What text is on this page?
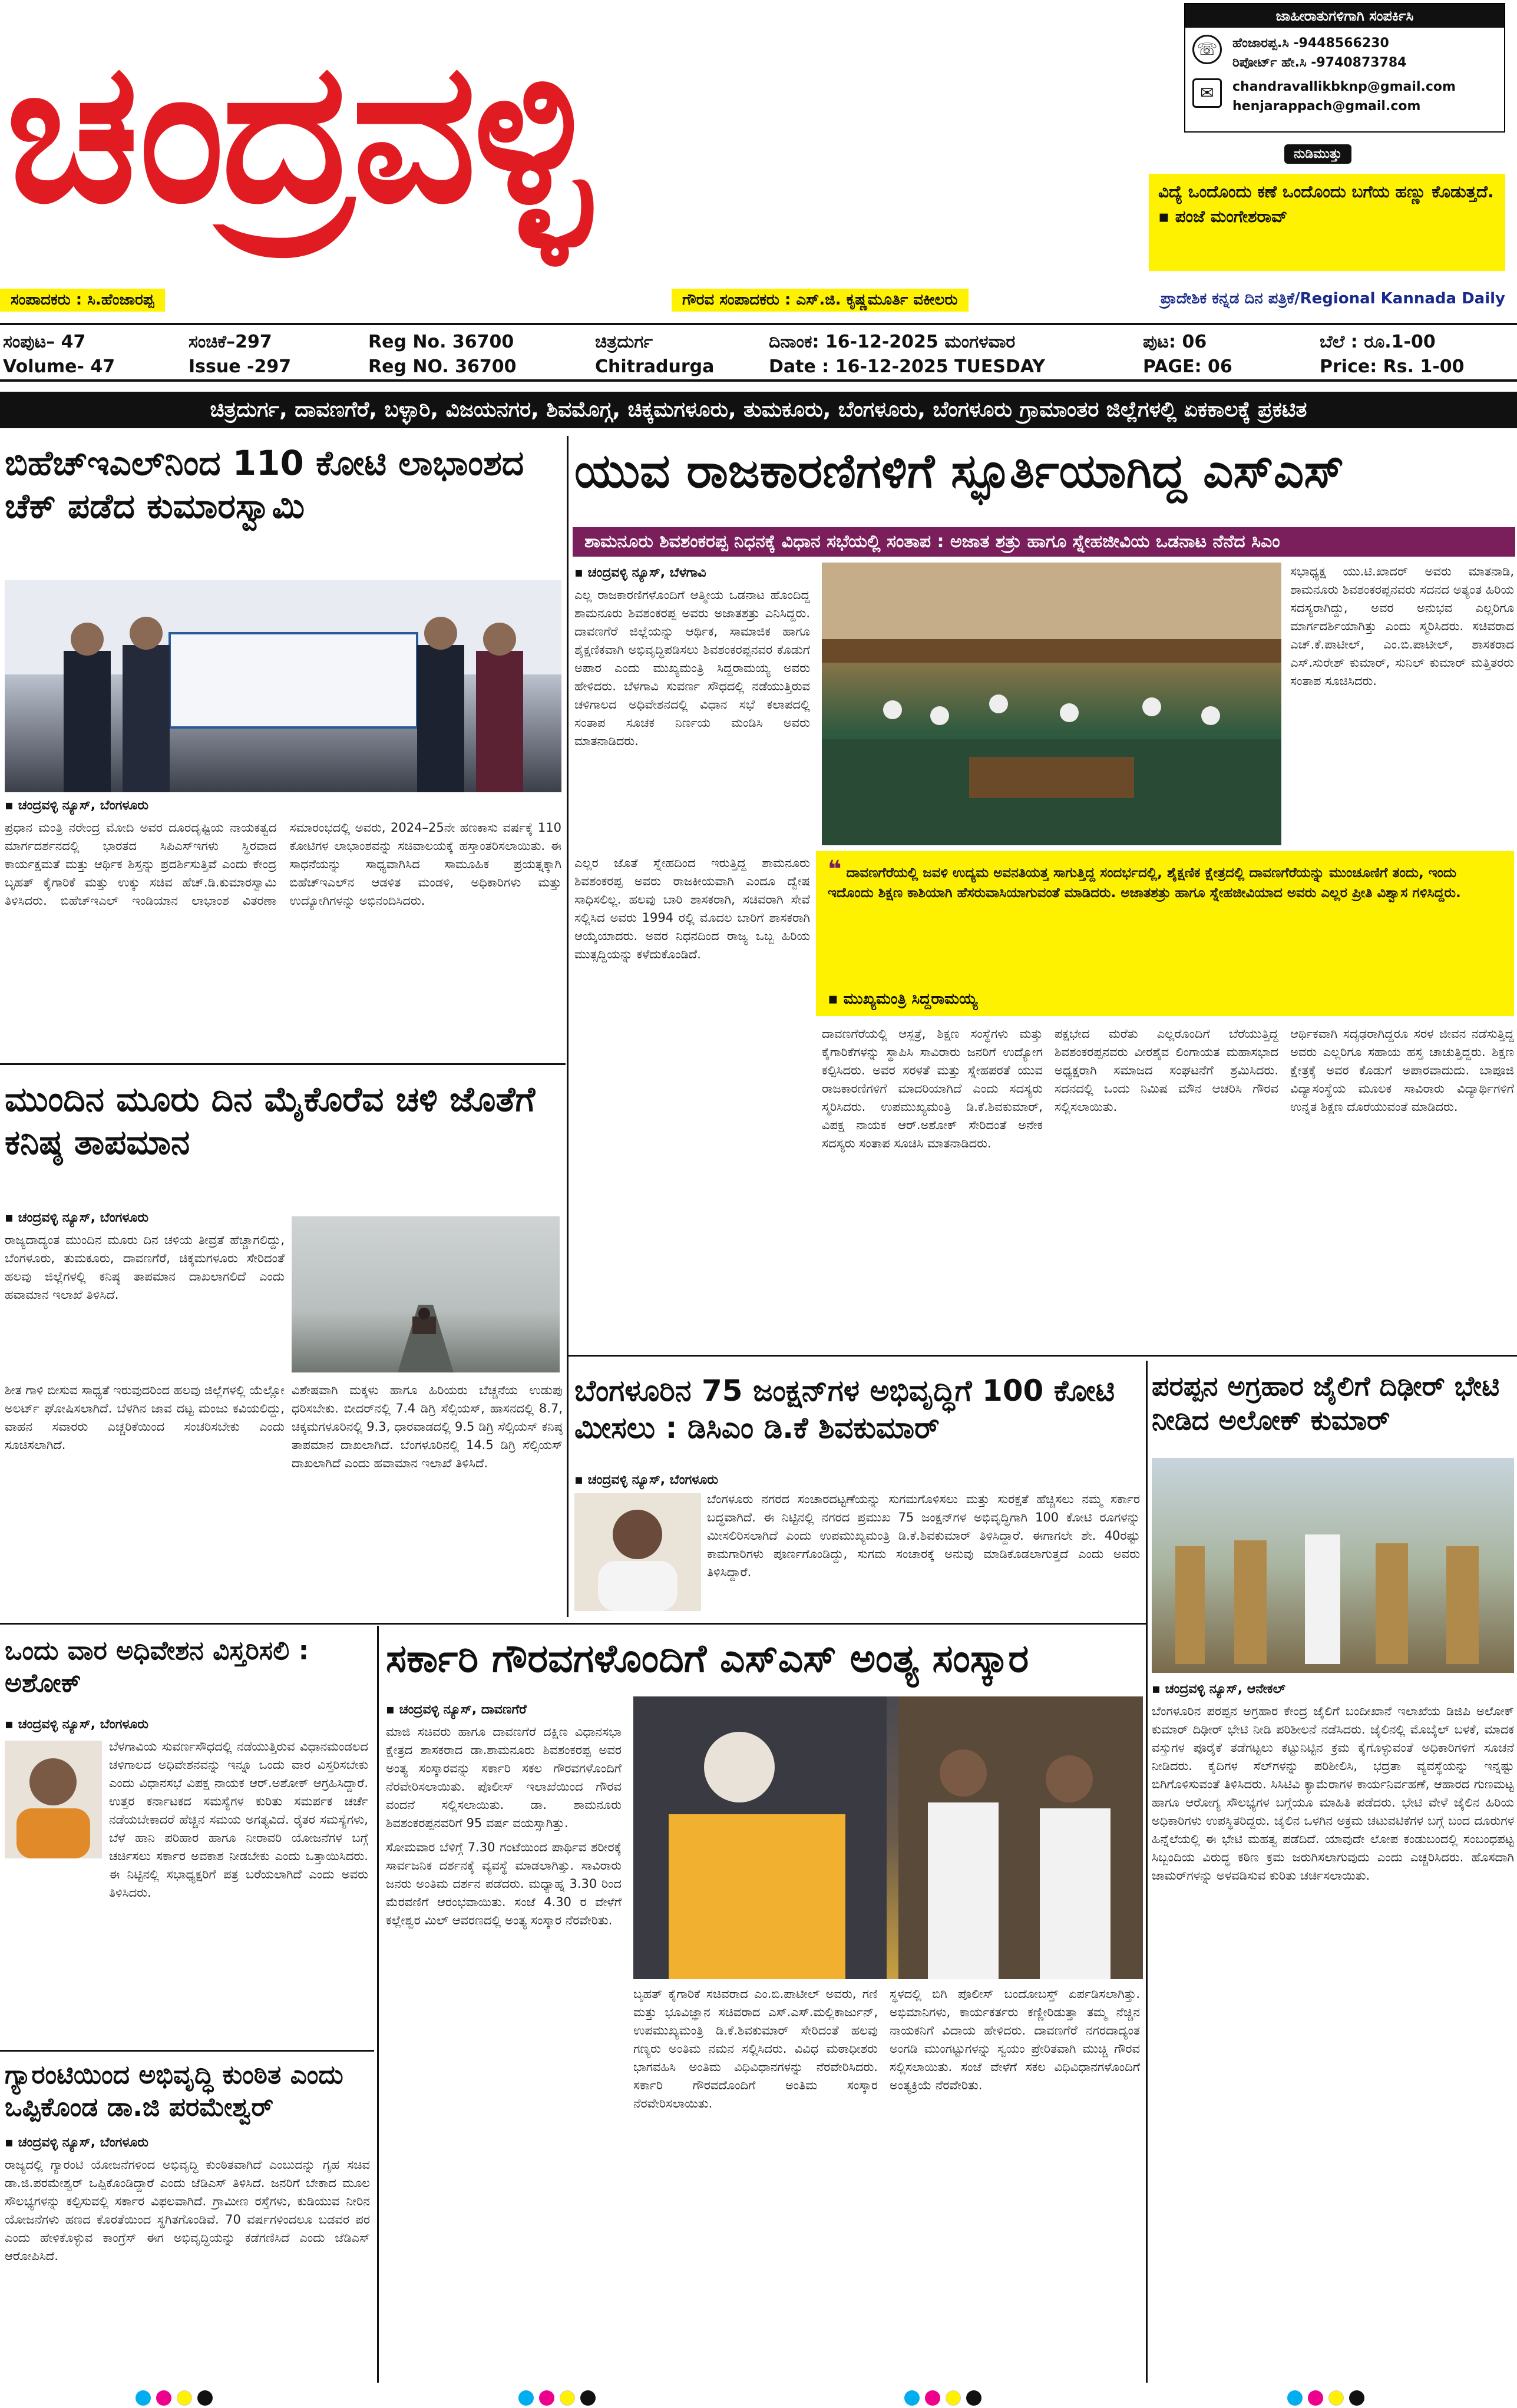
ಚಂದ್ರವಳ್ಳಿ
ಜಾಹೀರಾತುಗಳಿಗಾಗಿ ಸಂಪರ್ಕಿಸಿ
☏	ಹೆಂಜಾರಪ್ಪ.ಸಿ -9448566230
ರಿಪೋರ್ಟ್ ಹೇ.ಸಿ -9740873784
✉	chandravallikbknp@gmail.com
henjarappach@gmail.com
ನುಡಿಮುತ್ತು
ವಿದ್ಯೆ ಒಂದೊಂದು ಕಣೆ ಒಂದೊಂದು ಬಗೆಯ ಹಣ್ಣು ಕೊಡುತ್ತದೆ.
▪ ಪಂಜೆ ಮಂಗೇಶರಾವ್
ಸಂಪಾದಕರು : ಸಿ.ಹೆಂಜಾರಪ್ಪ	ಗೌರವ ಸಂಪಾದಕರು : ಎಸ್.ಜಿ. ಕೃಷ್ಣಮೂರ್ತಿ ವಕೀಲರು	ಪ್ರಾದೇಶಿಕ ಕನ್ನಡ ದಿನ ಪತ್ರಿಕೆ/Regional Kannada Daily
ಸಂಪುಟ– 47
Volume- 47
ಸಂಚಿಕೆ–297
Issue -297
Reg No. 36700
Reg NO. 36700
ಚಿತ್ರದುರ್ಗ
Chitradurga
ದಿನಾಂಕ: 16-12-2025 ಮಂಗಳವಾರ
Date : 16-12-2025 TUESDAY
ಪುಟ: 06
PAGE: 06
ಬೆಲೆ : ರೂ.1-00
Price: Rs. 1-00
ಚಿತ್ರದುರ್ಗ, ದಾವಣಗೆರೆ, ಬಳ್ಳಾರಿ, ವಿಜಯನಗರ, ಶಿವಮೊಗ್ಗ, ಚಿಕ್ಕಮಗಳೂರು, ತುಮಕೂರು, ಬೆಂಗಳೂರು, ಬೆಂಗಳೂರು ಗ್ರಾಮಾಂತರ ಜಿಲ್ಲೆಗಳಲ್ಲಿ ಏಕಕಾಲಕ್ಕೆ ಪ್ರಕಟಿತ
ಬಿಹೆಚ್‌ಇಎಲ್‌ನಿಂದ 110 ಕೋಟಿ ಲಾಭಾಂಶದ ಚೆಕ್ ಪಡೆದ ಕುಮಾರಸ್ವಾಮಿ
▪ ಚಂದ್ರವಳ್ಳಿ ನ್ಯೂಸ್, ಬೆಂಗಳೂರು
ಪ್ರಧಾನ ಮಂತ್ರಿ ನರೇಂದ್ರ ಮೋದಿ ಅವರ ದೂರದೃಷ್ಟಿಯ ನಾಯಕತ್ವದ ಮಾರ್ಗದರ್ಶನದಲ್ಲಿ ಭಾರತದ ಸಿಪಿಎಸ್‌ಇಗಳು ಸ್ಥಿರವಾದ ಕಾರ್ಯಕ್ಷಮತೆ ಮತ್ತು ಆರ್ಥಿಕ ಶಿಸ್ತನ್ನು ಪ್ರದರ್ಶಿಸುತ್ತಿವೆ ಎಂದು ಕೇಂದ್ರ ಬೃಹತ್ ಕೈಗಾರಿಕೆ ಮತ್ತು ಉಕ್ಕು ಸಚಿವ ಹೆಚ್.ಡಿ.ಕುಮಾರಸ್ವಾಮಿ ತಿಳಿಸಿದರು. ಬಿಹೆಚ್‌ಇಎಲ್ ಇಂಡಿಯಾನ ಲಾಭಾಂಶ ವಿತರಣಾ ಸಮಾರಂಭದಲ್ಲಿ ಅವರು, 2024–25ನೇ ಹಣಕಾಸು ವರ್ಷಕ್ಕೆ 110 ಕೋಟಿಗಳ ಲಾಭಾಂಶವನ್ನು ಸಚಿವಾಲಯಕ್ಕೆ ಹಸ್ತಾಂತರಿಸಲಾಯಿತು. ಈ ಸಾಧನೆಯನ್ನು ಸಾಧ್ಯವಾಗಿಸಿದ ಸಾಮೂಹಿಕ ಪ್ರಯತ್ನಕ್ಕಾಗಿ ಬಿಹೆಚ್‌ಇಎಲ್‌ನ ಆಡಳಿತ ಮಂಡಳಿ, ಅಧಿಕಾರಿಗಳು ಮತ್ತು ಉದ್ಯೋಗಿಗಳನ್ನು ಅಭಿನಂದಿಸಿದರು.
ಮುಂದಿನ ಮೂರು ದಿನ ಮೈಕೊರೆವ ಚಳಿ ಜೊತೆಗೆ ಕನಿಷ್ಠ ತಾಪಮಾನ
▪ ಚಂದ್ರವಳ್ಳಿ ನ್ಯೂಸ್, ಬೆಂಗಳೂರು
ರಾಜ್ಯದಾದ್ಯಂತ ಮುಂದಿನ ಮೂರು ದಿನ ಚಳಿಯ ತೀವ್ರತೆ ಹೆಚ್ಚಾಗಲಿದ್ದು, ಬೆಂಗಳೂರು, ತುಮಕೂರು, ದಾವಣಗೆರೆ, ಚಿಕ್ಕಮಗಳೂರು ಸೇರಿದಂತೆ ಹಲವು ಜಿಲ್ಲೆಗಳಲ್ಲಿ ಕನಿಷ್ಠ ತಾಪಮಾನ ದಾಖಲಾಗಲಿದೆ ಎಂದು ಹವಾಮಾನ ಇಲಾಖೆ ತಿಳಿಸಿದೆ.
ಶೀತ ಗಾಳಿ ಬೀಸುವ ಸಾಧ್ಯತೆ ಇರುವುದರಿಂದ ಹಲವು ಜಿಲ್ಲೆಗಳಲ್ಲಿ ಯೆಲ್ಲೋ ಅಲರ್ಟ್ ಘೋಷಿಸಲಾಗಿದೆ. ಬೆಳಗಿನ ಜಾವ ದಟ್ಟ ಮಂಜು ಕವಿಯಲಿದ್ದು, ವಾಹನ ಸವಾರರು ಎಚ್ಚರಿಕೆಯಿಂದ ಸಂಚರಿಸಬೇಕು ಎಂದು ಸೂಚಿಸಲಾಗಿದೆ.
ವಿಶೇಷವಾಗಿ ಮಕ್ಕಳು ಹಾಗೂ ಹಿರಿಯರು ಬೆಚ್ಚನೆಯ ಉಡುಪು ಧರಿಸಬೇಕು. ಬೀದರ್‌ನಲ್ಲಿ 7.4 ಡಿಗ್ರಿ ಸೆಲ್ಸಿಯಸ್, ಹಾಸನದಲ್ಲಿ 8.7, ಚಿಕ್ಕಮಗಳೂರಿನಲ್ಲಿ 9.3, ಧಾರವಾಡದಲ್ಲಿ 9.5 ಡಿಗ್ರಿ ಸೆಲ್ಸಿಯಸ್ ಕನಿಷ್ಠ ತಾಪಮಾನ ದಾಖಲಾಗಿದೆ. ಬೆಂಗಳೂರಿನಲ್ಲಿ 14.5 ಡಿಗ್ರಿ ಸೆಲ್ಸಿಯಸ್ ದಾಖಲಾಗಿದೆ ಎಂದು ಹವಾಮಾನ ಇಲಾಖೆ ತಿಳಿಸಿದೆ.
ಯುವ ರಾಜಕಾರಣಿಗಳಿಗೆ ಸ್ಫೂರ್ತಿಯಾಗಿದ್ದ ಎಸ್‌ಎಸ್
ಶಾಮನೂರು ಶಿವಶಂಕರಪ್ಪ ನಿಧನಕ್ಕೆ ವಿಧಾನ ಸಭೆಯಲ್ಲಿ ಸಂತಾಪ : ಅಜಾತ ಶತ್ರು ಹಾಗೂ ಸ್ನೇಹಜೀವಿಯ ಒಡನಾಟ ನೆನೆದ ಸಿಎಂ
▪ ಚಂದ್ರವಳ್ಳಿ ನ್ಯೂಸ್, ಬೆಳಗಾವಿ
ಎಲ್ಲ ರಾಜಕಾರಣಿಗಳೊಂದಿಗೆ ಆತ್ಮೀಯ ಒಡನಾಟ ಹೊಂದಿದ್ದ ಶಾಮನೂರು ಶಿವಶಂಕರಪ್ಪ ಅವರು ಅಜಾತಶತ್ರು ಎನಿಸಿದ್ದರು. ದಾವಣಗೆರೆ ಜಿಲ್ಲೆಯನ್ನು ಆರ್ಥಿಕ, ಸಾಮಾಜಿಕ ಹಾಗೂ ಶೈಕ್ಷಣಿಕವಾಗಿ ಅಭಿವೃದ್ಧಿಪಡಿಸಲು ಶಿವಶಂಕರಪ್ಪನವರ ಕೊಡುಗೆ ಅಪಾರ ಎಂದು ಮುಖ್ಯಮಂತ್ರಿ ಸಿದ್ದರಾಮಯ್ಯ ಅವರು ಹೇಳಿದರು. ಬೆಳಗಾವಿ ಸುವರ್ಣ ಸೌಧದಲ್ಲಿ ನಡೆಯುತ್ತಿರುವ ಚಳಿಗಾಲದ ಅಧಿವೇಶನದಲ್ಲಿ ವಿಧಾನ ಸಭೆ ಕಲಾಪದಲ್ಲಿ ಸಂತಾಪ ಸೂಚಕ ನಿರ್ಣಯ ಮಂಡಿಸಿ ಅವರು ಮಾತನಾಡಿದರು.
ಸಭಾಧ್ಯಕ್ಷ ಯು.ಟಿ.ಖಾದರ್ ಅವರು ಮಾತನಾಡಿ, ಶಾಮನೂರು ಶಿವಶಂಕರಪ್ಪನವರು ಸದನದ ಅತ್ಯಂತ ಹಿರಿಯ ಸದಸ್ಯರಾಗಿದ್ದು, ಅವರ ಅನುಭವ ಎಲ್ಲರಿಗೂ ಮಾರ್ಗದರ್ಶಿಯಾಗಿತ್ತು ಎಂದು ಸ್ಮರಿಸಿದರು. ಸಚಿವರಾದ ಎಚ್.ಕೆ.ಪಾಟೀಲ್, ಎಂ.ಬಿ.ಪಾಟೀಲ್, ಶಾಸಕರಾದ ಎಸ್.ಸುರೇಶ್ ಕುಮಾರ್, ಸುನಿಲ್ ಕುಮಾರ್ ಮತ್ತಿತರರು ಸಂತಾಪ ಸೂಚಿಸಿದರು.
❝ ದಾವಣಗೆರೆಯಲ್ಲಿ ಜವಳಿ ಉದ್ಯಮ ಅವನತಿಯತ್ತ ಸಾಗುತ್ತಿದ್ದ ಸಂದರ್ಭದಲ್ಲಿ, ಶೈಕ್ಷಣಿಕ ಕ್ಷೇತ್ರದಲ್ಲಿ ದಾವಣಗೆರೆಯನ್ನು ಮುಂಚೂಣಿಗೆ ತಂದು, ಇಂದು ಇದೊಂದು ಶಿಕ್ಷಣ ಕಾಶಿಯಾಗಿ ಹೆಸರುವಾಸಿಯಾಗುವಂತೆ ಮಾಡಿದರು. ಅಜಾತಶತ್ರು ಹಾಗೂ ಸ್ನೇಹಜೀವಿಯಾದ ಅವರು ಎಲ್ಲರ ಪ್ರೀತಿ ವಿಶ್ವಾಸ ಗಳಿಸಿದ್ದರು.
▪ ಮುಖ್ಯಮಂತ್ರಿ ಸಿದ್ದರಾಮಯ್ಯ
ಎಲ್ಲರ ಜೊತೆ ಸ್ನೇಹದಿಂದ ಇರುತ್ತಿದ್ದ ಶಾಮನೂರು ಶಿವಶಂಕರಪ್ಪ ಅವರು ರಾಜಕೀಯವಾಗಿ ಎಂದೂ ದ್ವೇಷ ಸಾಧಿಸಲಿಲ್ಲ. ಹಲವು ಬಾರಿ ಶಾಸಕರಾಗಿ, ಸಚಿವರಾಗಿ ಸೇವೆ ಸಲ್ಲಿಸಿದ ಅವರು 1994 ರಲ್ಲಿ ಮೊದಲ ಬಾರಿಗೆ ಶಾಸಕರಾಗಿ ಆಯ್ಕೆಯಾದರು. ಅವರ ನಿಧನದಿಂದ ರಾಜ್ಯ ಒಬ್ಬ ಹಿರಿಯ ಮುತ್ಸದ್ದಿಯನ್ನು ಕಳೆದುಕೊಂಡಿದೆ.
ದಾವಣಗೆರೆಯಲ್ಲಿ ಆಸ್ಪತ್ರೆ, ಶಿಕ್ಷಣ ಸಂಸ್ಥೆಗಳು ಮತ್ತು ಕೈಗಾರಿಕೆಗಳನ್ನು ಸ್ಥಾಪಿಸಿ ಸಾವಿರಾರು ಜನರಿಗೆ ಉದ್ಯೋಗ ಕಲ್ಪಿಸಿದರು. ಅವರ ಸರಳತೆ ಮತ್ತು ಸ್ನೇಹಪರತೆ ಯುವ ರಾಜಕಾರಣಿಗಳಿಗೆ ಮಾದರಿಯಾಗಿದೆ ಎಂದು ಸದಸ್ಯರು ಸ್ಮರಿಸಿದರು. ಉಪಮುಖ್ಯಮಂತ್ರಿ ಡಿ.ಕೆ.ಶಿವಕುಮಾರ್, ವಿಪಕ್ಷ ನಾಯಕ ಆರ್.ಅಶೋಕ್ ಸೇರಿದಂತೆ ಅನೇಕ ಸದಸ್ಯರು ಸಂತಾಪ ಸೂಚಿಸಿ ಮಾತನಾಡಿದರು.
ಪಕ್ಷಭೇದ ಮರೆತು ಎಲ್ಲರೊಂದಿಗೆ ಬೆರೆಯುತ್ತಿದ್ದ ಶಿವಶಂಕರಪ್ಪನವರು ವೀರಶೈವ ಲಿಂಗಾಯತ ಮಹಾಸಭಾದ ಅಧ್ಯಕ್ಷರಾಗಿ ಸಮಾಜದ ಸಂಘಟನೆಗೆ ಶ್ರಮಿಸಿದರು. ಸದನದಲ್ಲಿ ಒಂದು ನಿಮಿಷ ಮೌನ ಆಚರಿಸಿ ಗೌರವ ಸಲ್ಲಿಸಲಾಯಿತು.
ಆರ್ಥಿಕವಾಗಿ ಸದೃಢರಾಗಿದ್ದರೂ ಸರಳ ಜೀವನ ನಡೆಸುತ್ತಿದ್ದ ಅವರು ಎಲ್ಲರಿಗೂ ಸಹಾಯ ಹಸ್ತ ಚಾಚುತ್ತಿದ್ದರು. ಶಿಕ್ಷಣ ಕ್ಷೇತ್ರಕ್ಕೆ ಅವರ ಕೊಡುಗೆ ಅಪಾರವಾದುದು. ಬಾಪೂಜಿ ವಿದ್ಯಾಸಂಸ್ಥೆಯ ಮೂಲಕ ಸಾವಿರಾರು ವಿದ್ಯಾರ್ಥಿಗಳಿಗೆ ಉನ್ನತ ಶಿಕ್ಷಣ ದೊರೆಯುವಂತೆ ಮಾಡಿದರು.
ಬೆಂಗಳೂರಿನ 75 ಜಂಕ್ಷನ್‌ಗಳ ಅಭಿವೃದ್ಧಿಗೆ 100 ಕೋಟಿ ಮೀಸಲು : ಡಿಸಿಎಂ ಡಿ.ಕೆ ಶಿವಕುಮಾರ್
▪ ಚಂದ್ರವಳ್ಳಿ ನ್ಯೂಸ್, ಬೆಂಗಳೂರು
ಬೆಂಗಳೂರು ನಗರದ ಸಂಚಾರದಟ್ಟಣೆಯನ್ನು ಸುಗಮಗೊಳಿಸಲು ಮತ್ತು ಸುರಕ್ಷತೆ ಹೆಚ್ಚಿಸಲು ನಮ್ಮ ಸರ್ಕಾರ ಬದ್ಧವಾಗಿದೆ. ಈ ನಿಟ್ಟಿನಲ್ಲಿ ನಗರದ ಪ್ರಮುಖ 75 ಜಂಕ್ಷನ್‌ಗಳ ಅಭಿವೃದ್ಧಿಗಾಗಿ 100 ಕೋಟಿ ರೂಗಳನ್ನು ಮೀಸಲಿರಿಸಲಾಗಿದೆ ಎಂದು ಉಪಮುಖ್ಯಮಂತ್ರಿ ಡಿ.ಕೆ.ಶಿವಕುಮಾರ್ ತಿಳಿಸಿದ್ದಾರೆ. ಈಗಾಗಲೇ ಶೇ. 40ರಷ್ಟು ಕಾಮಗಾರಿಗಳು ಪೂರ್ಣಗೊಂಡಿದ್ದು, ಸುಗಮ ಸಂಚಾರಕ್ಕೆ ಅನುವು ಮಾಡಿಕೊಡಲಾಗುತ್ತದೆ ಎಂದು ಅವರು ತಿಳಿಸಿದ್ದಾರೆ.
ಪರಪ್ಪನ ಅಗ್ರಹಾರ ಜೈಲಿಗೆ ದಿಢೀರ್ ಭೇಟಿ ನೀಡಿದ ಅಲೋಕ್ ಕುಮಾರ್
▪ ಚಂದ್ರವಳ್ಳಿ ನ್ಯೂಸ್, ಆನೇಕಲ್
ಬೆಂಗಳೂರಿನ ಪರಪ್ಪನ ಅಗ್ರಹಾರ ಕೇಂದ್ರ ಜೈಲಿಗೆ ಬಂದೀಖಾನೆ ಇಲಾಖೆಯ ಡಿಜಿಪಿ ಅಲೋಕ್ ಕುಮಾರ್ ದಿಢೀರ್ ಭೇಟಿ ನೀಡಿ ಪರಿಶೀಲನೆ ನಡೆಸಿದರು. ಜೈಲಿನಲ್ಲಿ ಮೊಬೈಲ್ ಬಳಕೆ, ಮಾದಕ ವಸ್ತುಗಳ ಪೂರೈಕೆ ತಡೆಗಟ್ಟಲು ಕಟ್ಟುನಿಟ್ಟಿನ ಕ್ರಮ ಕೈಗೊಳ್ಳುವಂತೆ ಅಧಿಕಾರಿಗಳಿಗೆ ಸೂಚನೆ ನೀಡಿದರು. ಕೈದಿಗಳ ಸೆಲ್‌ಗಳನ್ನು ಪರಿಶೀಲಿಸಿ, ಭದ್ರತಾ ವ್ಯವಸ್ಥೆಯನ್ನು ಇನ್ನಷ್ಟು ಬಿಗಿಗೊಳಿಸುವಂತೆ ತಿಳಿಸಿದರು. ಸಿಸಿಟಿವಿ ಕ್ಯಾಮೆರಾಗಳ ಕಾರ್ಯನಿರ್ವಹಣೆ, ಆಹಾರದ ಗುಣಮಟ್ಟ ಹಾಗೂ ಆರೋಗ್ಯ ಸೌಲಭ್ಯಗಳ ಬಗ್ಗೆಯೂ ಮಾಹಿತಿ ಪಡೆದರು. ಭೇಟಿ ವೇಳೆ ಜೈಲಿನ ಹಿರಿಯ ಅಧಿಕಾರಿಗಳು ಉಪಸ್ಥಿತರಿದ್ದರು. ಜೈಲಿನ ಒಳಗಿನ ಅಕ್ರಮ ಚಟುವಟಿಕೆಗಳ ಬಗ್ಗೆ ಬಂದ ದೂರುಗಳ ಹಿನ್ನೆಲೆಯಲ್ಲಿ ಈ ಭೇಟಿ ಮಹತ್ವ ಪಡೆದಿದೆ. ಯಾವುದೇ ಲೋಪ ಕಂಡುಬಂದಲ್ಲಿ ಸಂಬಂಧಪಟ್ಟ ಸಿಬ್ಬಂದಿಯ ವಿರುದ್ಧ ಕಠಿಣ ಕ್ರಮ ಜರುಗಿಸಲಾಗುವುದು ಎಂದು ಎಚ್ಚರಿಸಿದರು. ಹೊಸದಾಗಿ ಜಾಮರ್‌ಗಳನ್ನು ಅಳವಡಿಸುವ ಕುರಿತು ಚರ್ಚಿಸಲಾಯಿತು.
ಒಂದು ವಾರ ಅಧಿವೇಶನ ವಿಸ್ತರಿಸಲಿ : ಅಶೋಕ್
▪ ಚಂದ್ರವಳ್ಳಿ ನ್ಯೂಸ್, ಬೆಂಗಳೂರು
ಬೆಳಗಾವಿಯ ಸುವರ್ಣಸೌಧದಲ್ಲಿ ನಡೆಯುತ್ತಿರುವ ವಿಧಾನಮಂಡಲದ ಚಳಿಗಾಲದ ಅಧಿವೇಶನವನ್ನು ಇನ್ನೂ ಒಂದು ವಾರ ವಿಸ್ತರಿಸಬೇಕು ಎಂದು ವಿಧಾನಸಭೆ ವಿಪಕ್ಷ ನಾಯಕ ಆರ್.ಅಶೋಕ್ ಆಗ್ರಹಿಸಿದ್ದಾರೆ. ಉತ್ತರ ಕರ್ನಾಟಕದ ಸಮಸ್ಯೆಗಳ ಕುರಿತು ಸಮರ್ಪಕ ಚರ್ಚೆ ನಡೆಯಬೇಕಾದರೆ ಹೆಚ್ಚಿನ ಸಮಯ ಅಗತ್ಯವಿದೆ. ರೈತರ ಸಮಸ್ಯೆಗಳು, ಬೆಳೆ ಹಾನಿ ಪರಿಹಾರ ಹಾಗೂ ನೀರಾವರಿ ಯೋಜನೆಗಳ ಬಗ್ಗೆ ಚರ್ಚಿಸಲು ಸರ್ಕಾರ ಅವಕಾಶ ನೀಡಬೇಕು ಎಂದು ಒತ್ತಾಯಿಸಿದರು. ಈ ನಿಟ್ಟಿನಲ್ಲಿ ಸಭಾಧ್ಯಕ್ಷರಿಗೆ ಪತ್ರ ಬರೆಯಲಾಗಿದೆ ಎಂದು ಅವರು ತಿಳಿಸಿದರು.
ಗ್ಯಾರಂಟಿಯಿಂದ ಅಭಿವೃದ್ಧಿ ಕುಂಠಿತ ಎಂದು ಒಪ್ಪಿಕೊಂಡ ಡಾ.ಜಿ ಪರಮೇಶ್ವರ್
▪ ಚಂದ್ರವಳ್ಳಿ ನ್ಯೂಸ್, ಬೆಂಗಳೂರು
ರಾಜ್ಯದಲ್ಲಿ ಗ್ಯಾರಂಟಿ ಯೋಜನೆಗಳಿಂದ ಅಭಿವೃದ್ಧಿ ಕುಂಠಿತವಾಗಿದೆ ಎಂಬುದನ್ನು ಗೃಹ ಸಚಿವ ಡಾ.ಜಿ.ಪರಮೇಶ್ವರ್ ಒಪ್ಪಿಕೊಂಡಿದ್ದಾರೆ ಎಂದು ಜೆಡಿಎಸ್ ತಿಳಿಸಿದೆ. ಜನರಿಗೆ ಬೇಕಾದ ಮೂಲ ಸೌಲಭ್ಯಗಳನ್ನು ಕಲ್ಪಿಸುವಲ್ಲಿ ಸರ್ಕಾರ ವಿಫಲವಾಗಿದೆ. ಗ್ರಾಮೀಣ ರಸ್ತೆಗಳು, ಕುಡಿಯುವ ನೀರಿನ ಯೋಜನೆಗಳು ಹಣದ ಕೊರತೆಯಿಂದ ಸ್ಥಗಿತಗೊಂಡಿವೆ. 70 ವರ್ಷಗಳಿಂದಲೂ ಬಡವರ ಪರ ಎಂದು ಹೇಳಿಕೊಳ್ಳುವ ಕಾಂಗ್ರೆಸ್ ಈಗ ಅಭಿವೃದ್ಧಿಯನ್ನು ಕಡೆಗಣಿಸಿದೆ ಎಂದು ಜೆಡಿಎಸ್ ಆರೋಪಿಸಿದೆ.
ಸರ್ಕಾರಿ ಗೌರವಗಳೊಂದಿಗೆ ಎಸ್‌ಎಸ್ ಅಂತ್ಯ ಸಂಸ್ಕಾರ
▪ ಚಂದ್ರವಳ್ಳಿ ನ್ಯೂಸ್, ದಾವಣಗೆರೆ
ಮಾಜಿ ಸಚಿವರು ಹಾಗೂ ದಾವಣಗೆರೆ ದಕ್ಷಿಣ ವಿಧಾನಸಭಾ ಕ್ಷೇತ್ರದ ಶಾಸಕರಾದ ಡಾ.ಶಾಮನೂರು ಶಿವಶಂಕರಪ್ಪ ಅವರ ಅಂತ್ಯ ಸಂಸ್ಕಾರವನ್ನು ಸರ್ಕಾರಿ ಸಕಲ ಗೌರವಗಳೊಂದಿಗೆ ನೆರವೇರಿಸಲಾಯಿತು. ಪೊಲೀಸ್ ಇಲಾಖೆಯಿಂದ ಗೌರವ ವಂದನೆ ಸಲ್ಲಿಸಲಾಯಿತು. ಡಾ. ಶಾಮನೂರು ಶಿವಶಂಕರಪ್ಪನವರಿಗೆ 95 ವರ್ಷ ವಯಸ್ಸಾಗಿತ್ತು.

ಸೋಮವಾರ ಬೆಳಿಗ್ಗೆ 7.30 ಗಂಟೆಯಿಂದ ಪಾರ್ಥಿವ ಶರೀರಕ್ಕೆ ಸಾರ್ವಜನಿಕ ದರ್ಶನಕ್ಕೆ ವ್ಯವಸ್ಥೆ ಮಾಡಲಾಗಿತ್ತು. ಸಾವಿರಾರು ಜನರು ಅಂತಿಮ ದರ್ಶನ ಪಡೆದರು. ಮಧ್ಯಾಹ್ನ 3.30 ರಿಂದ ಮೆರವಣಿಗೆ ಆರಂಭವಾಯಿತು. ಸಂಜೆ 4.30 ರ ವೇಳೆಗೆ ಕಲ್ಲೇಶ್ವರ ಮಿಲ್ ಆವರಣದಲ್ಲಿ ಅಂತ್ಯ ಸಂಸ್ಕಾರ ನೆರವೇರಿತು.
ಬೃಹತ್ ಕೈಗಾರಿಕೆ ಸಚಿವರಾದ ಎಂ.ಬಿ.ಪಾಟೀಲ್ ಅವರು, ಗಣಿ ಮತ್ತು ಭೂವಿಜ್ಞಾನ ಸಚಿವರಾದ ಎಸ್.ಎಸ್.ಮಲ್ಲಿಕಾರ್ಜುನ್, ಉಪಮುಖ್ಯಮಂತ್ರಿ ಡಿ.ಕೆ.ಶಿವಕುಮಾರ್ ಸೇರಿದಂತೆ ಹಲವು ಗಣ್ಯರು ಅಂತಿಮ ನಮನ ಸಲ್ಲಿಸಿದರು. ವಿವಿಧ ಮಠಾಧೀಶರು ಭಾಗವಹಿಸಿ ಅಂತಿಮ ವಿಧಿವಿಧಾನಗಳನ್ನು ನೆರವೇರಿಸಿದರು. ಸರ್ಕಾರಿ ಗೌರವದೊಂದಿಗೆ ಅಂತಿಮ ಸಂಸ್ಕಾರ ನೆರವೇರಿಸಲಾಯಿತು.
ಸ್ಥಳದಲ್ಲಿ ಬಿಗಿ ಪೊಲೀಸ್ ಬಂದೋಬಸ್ತ್ ಏರ್ಪಡಿಸಲಾಗಿತ್ತು. ಅಭಿಮಾನಿಗಳು, ಕಾರ್ಯಕರ್ತರು ಕಣ್ಣೀರಿಡುತ್ತಾ ತಮ್ಮ ನೆಚ್ಚಿನ ನಾಯಕನಿಗೆ ವಿದಾಯ ಹೇಳಿದರು. ದಾವಣಗೆರೆ ನಗರದಾದ್ಯಂತ ಅಂಗಡಿ ಮುಂಗಟ್ಟುಗಳನ್ನು ಸ್ವಯಂ ಪ್ರೇರಿತವಾಗಿ ಮುಚ್ಚಿ ಗೌರವ ಸಲ್ಲಿಸಲಾಯಿತು. ಸಂಜೆ ವೇಳೆಗೆ ಸಕಲ ವಿಧಿವಿಧಾನಗಳೊಂದಿಗೆ ಅಂತ್ಯಕ್ರಿಯೆ ನೆರವೇರಿತು.
